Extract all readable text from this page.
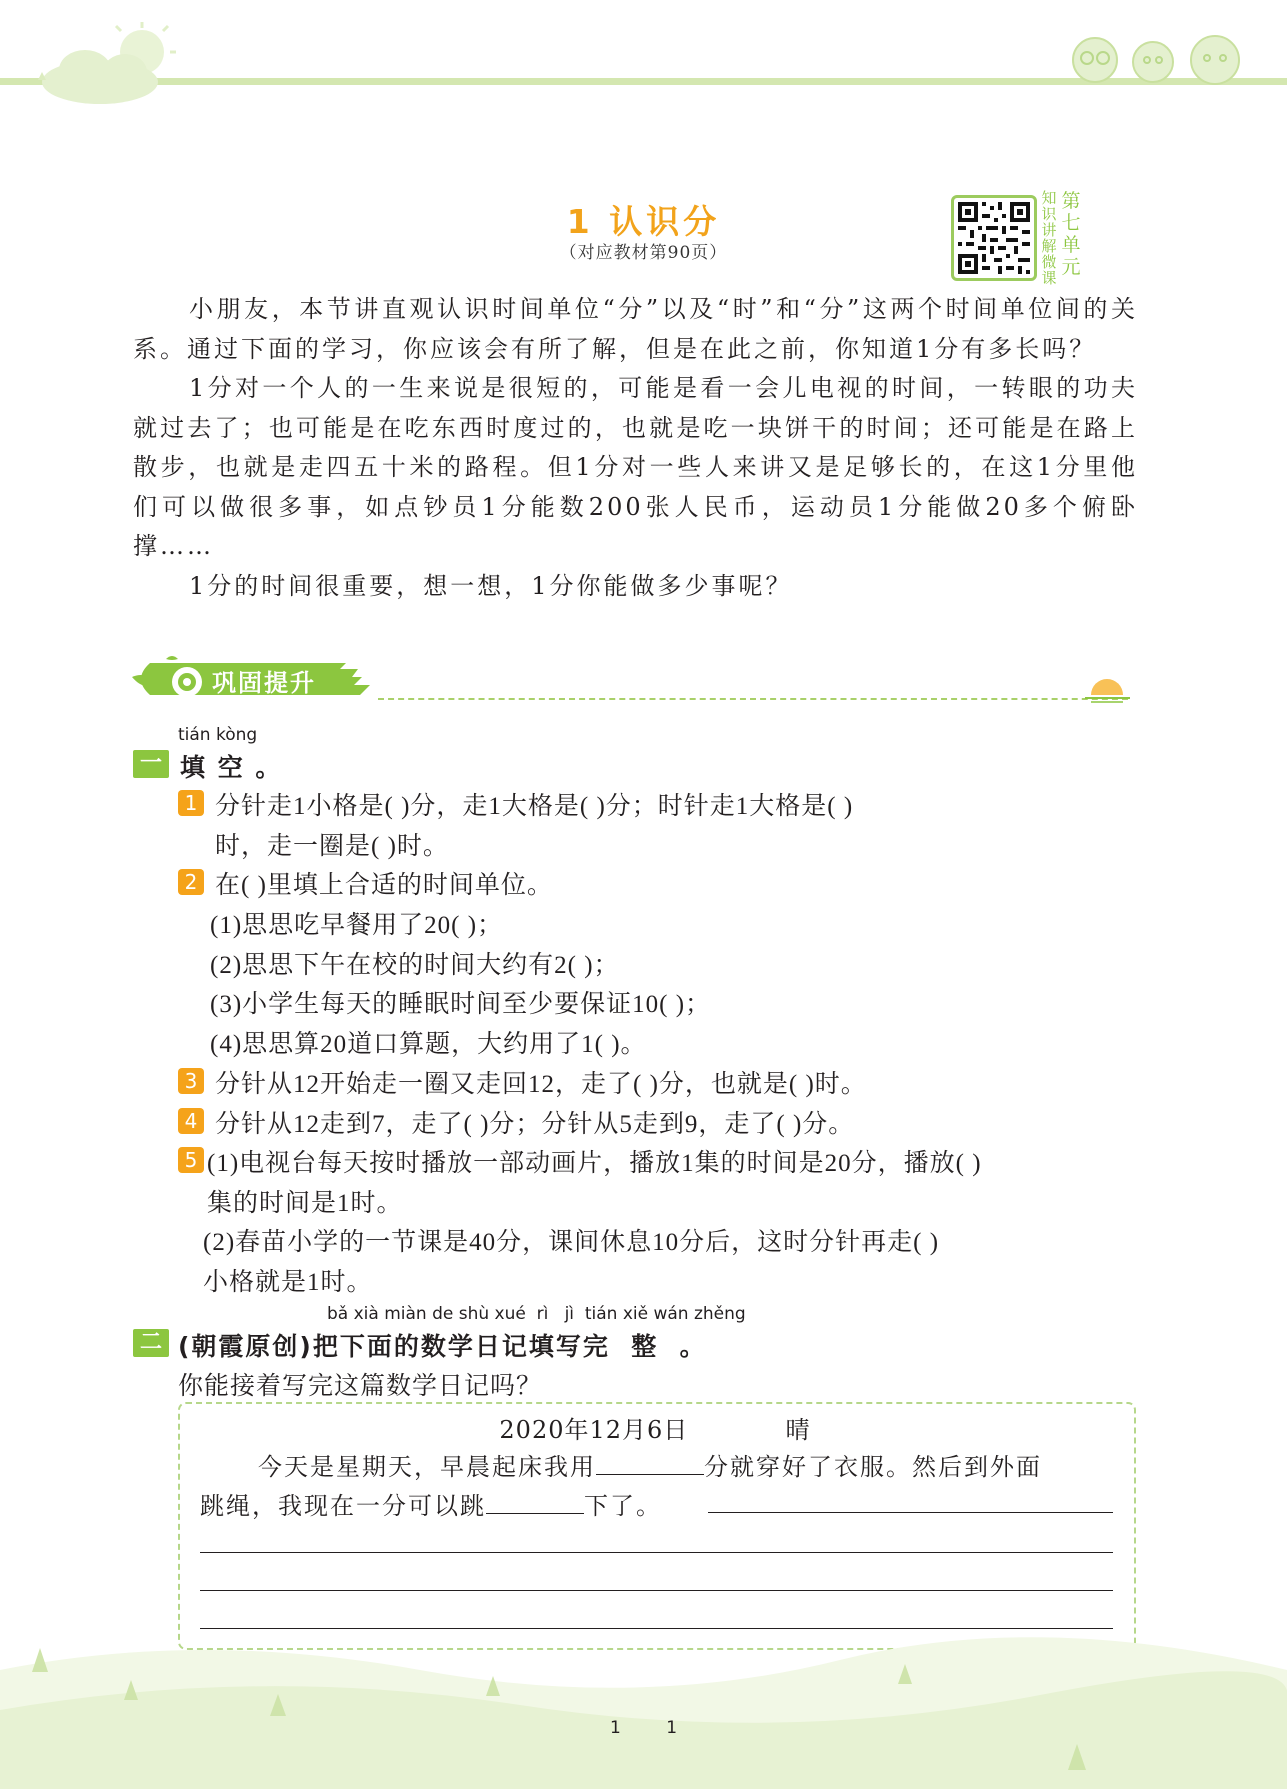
1 认识分
（对应教材第90页）
知
识
讲
解
微
课
第
七
单
元

小朋友，本节讲直观认识时间单位“分”以及“时”和“分”这两个时间单位间的关系。通过下面的学习，你应该会有所了解，但是在此之前，你知道1分有多长吗？

1分对一个人的一生来说是很短的，可能是看一会儿电视的时间，一转眼的功夫就过去了；也可能是在吃东西时度过的，也就是吃一块饼干的时间；还可能是在路上散步，也就是走四五十米的路程。但1分对一些人来讲又是足够长的，在这1分里他们可以做很多事，如点钞员1分能数200张人民币，运动员1分能做20多个俯卧撑……

1分的时间很重要，想一想，1分你能做多少事呢？

巩固提升
tián kòng
一 填 空 。
1 分针走1小格是( )分，走1大格是( )分；时针走1大格是( )
时，走一圈是( )时。
2 在( )里填上合适的时间单位。
(1)思思吃早餐用了20( )；
(2)思思下午在校的时间大约有2( )；
(3)小学生每天的睡眠时间至少要保证10( )；
(4)思思算20道口算题，大约用了1( )。
3 分针从12开始走一圈又走回12，走了( )分，也就是( )时。
4 分针从12走到7，走了( )分；分针从5走到9，走了( )分。
5 (1)电视台每天按时播放一部动画片，播放1集的时间是20分，播放( )
集的时间是1时。
(2)春苗小学的一节课是40分，课间休息10分后，这时分针再走( )
小格就是1时。
bǎ xià miàn de shù xué  rì   jì  tián xiě wán zhěng
二 (朝霞原创)把下面的数学日记填写完  整  。
你能接着写完这篇数学日记吗？
2020年12月6日	晴
今天是星期天，早晨起床我用	分就穿好了衣服。然后到外面
跳绳，我现在一分可以跳	下了。
1 1
